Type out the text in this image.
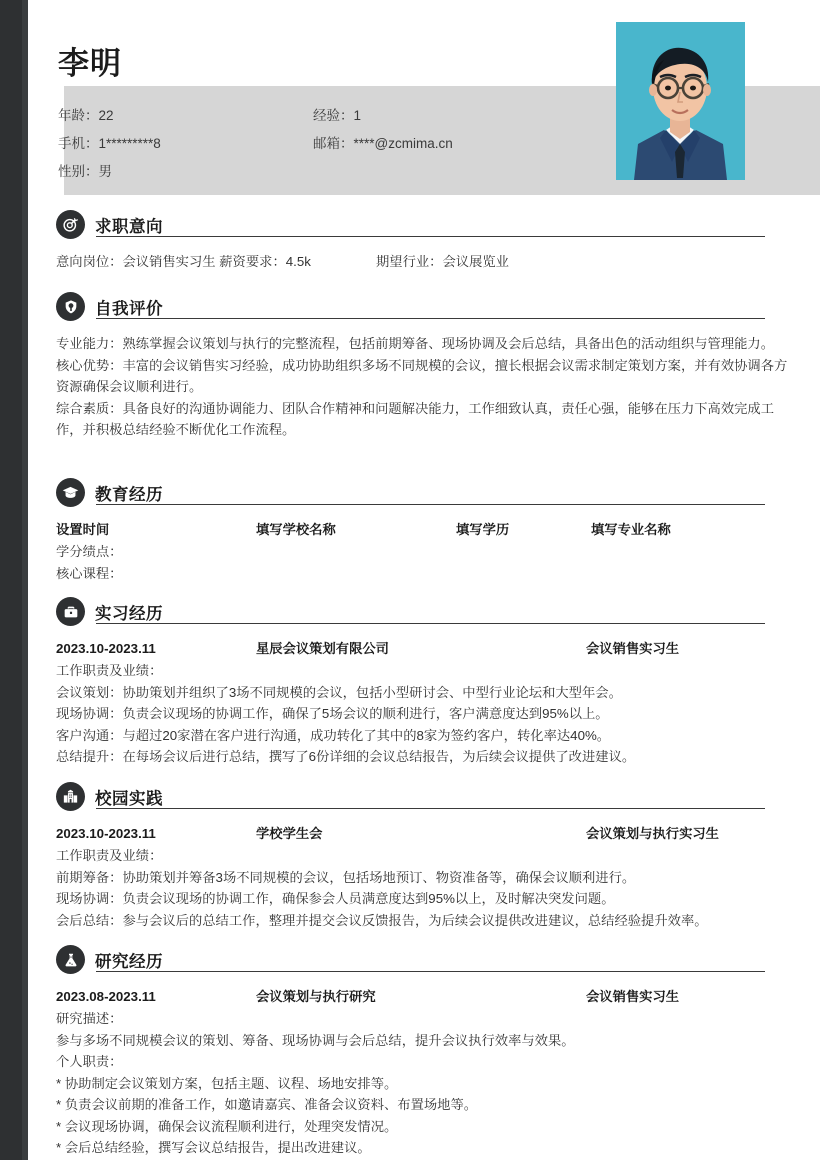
李明
年龄：22	经验：1
手机：1*********8	邮箱：****@zcmima.cn
性别：男
求职意向
意向岗位：会议销售实习生 薪资要求：4.5k	期望行业：会议展览业
自我评价
专业能力：熟练掌握会议策划与执行的完整流程，包括前期筹备、现场协调及会后总结，具备出色的活动组织与管理能力。
核心优势：丰富的会议销售实习经验，成功协助组织多场不同规模的会议，擅长根据会议需求制定策划方案，并有效协调各方资源确保会议顺利进行。
综合素质：具备良好的沟通协调能力、团队合作精神和问题解决能力，工作细致认真，责任心强，能够在压力下高效完成工作，并积极总结经验不断优化工作流程。
教育经历
设置时间	填写学校名称	填写学历	填写专业名称
学分绩点：
核心课程：
实习经历
2023.10-2023.11	星辰会议策划有限公司	会议销售实习生
工作职责及业绩：
会议策划：协助策划并组织了3场不同规模的会议，包括小型研讨会、中型行业论坛和大型年会。
现场协调：负责会议现场的协调工作，确保了5场会议的顺利进行，客户满意度达到95%以上。
客户沟通：与超过20家潜在客户进行沟通，成功转化了其中的8家为签约客户，转化率达40%。
总结提升：在每场会议后进行总结，撰写了6份详细的会议总结报告，为后续会议提供了改进建议。
校园实践
2023.10-2023.11	学校学生会	会议策划与执行实习生
工作职责及业绩：
前期筹备：协助策划并筹备3场不同规模的会议，包括场地预订、物资准备等，确保会议顺利进行。
现场协调：负责会议现场的协调工作，确保参会人员满意度达到95%以上，及时解决突发问题。
会后总结：参与会议后的总结工作，整理并提交会议反馈报告，为后续会议提供改进建议，总结经验提升效率。
研究经历
2023.08-2023.11	会议策划与执行研究	会议销售实习生
研究描述：
参与多场不同规模会议的策划、筹备、现场协调与会后总结，提升会议执行效率与效果。
个人职责：
* 协助制定会议策划方案，包括主题、议程、场地安排等。
* 负责会议前期的准备工作，如邀请嘉宾、准备会议资料、布置场地等。
* 会议现场协调，确保会议流程顺利进行，处理突发情况。
* 会后总结经验，撰写会议总结报告，提出改进建议。
